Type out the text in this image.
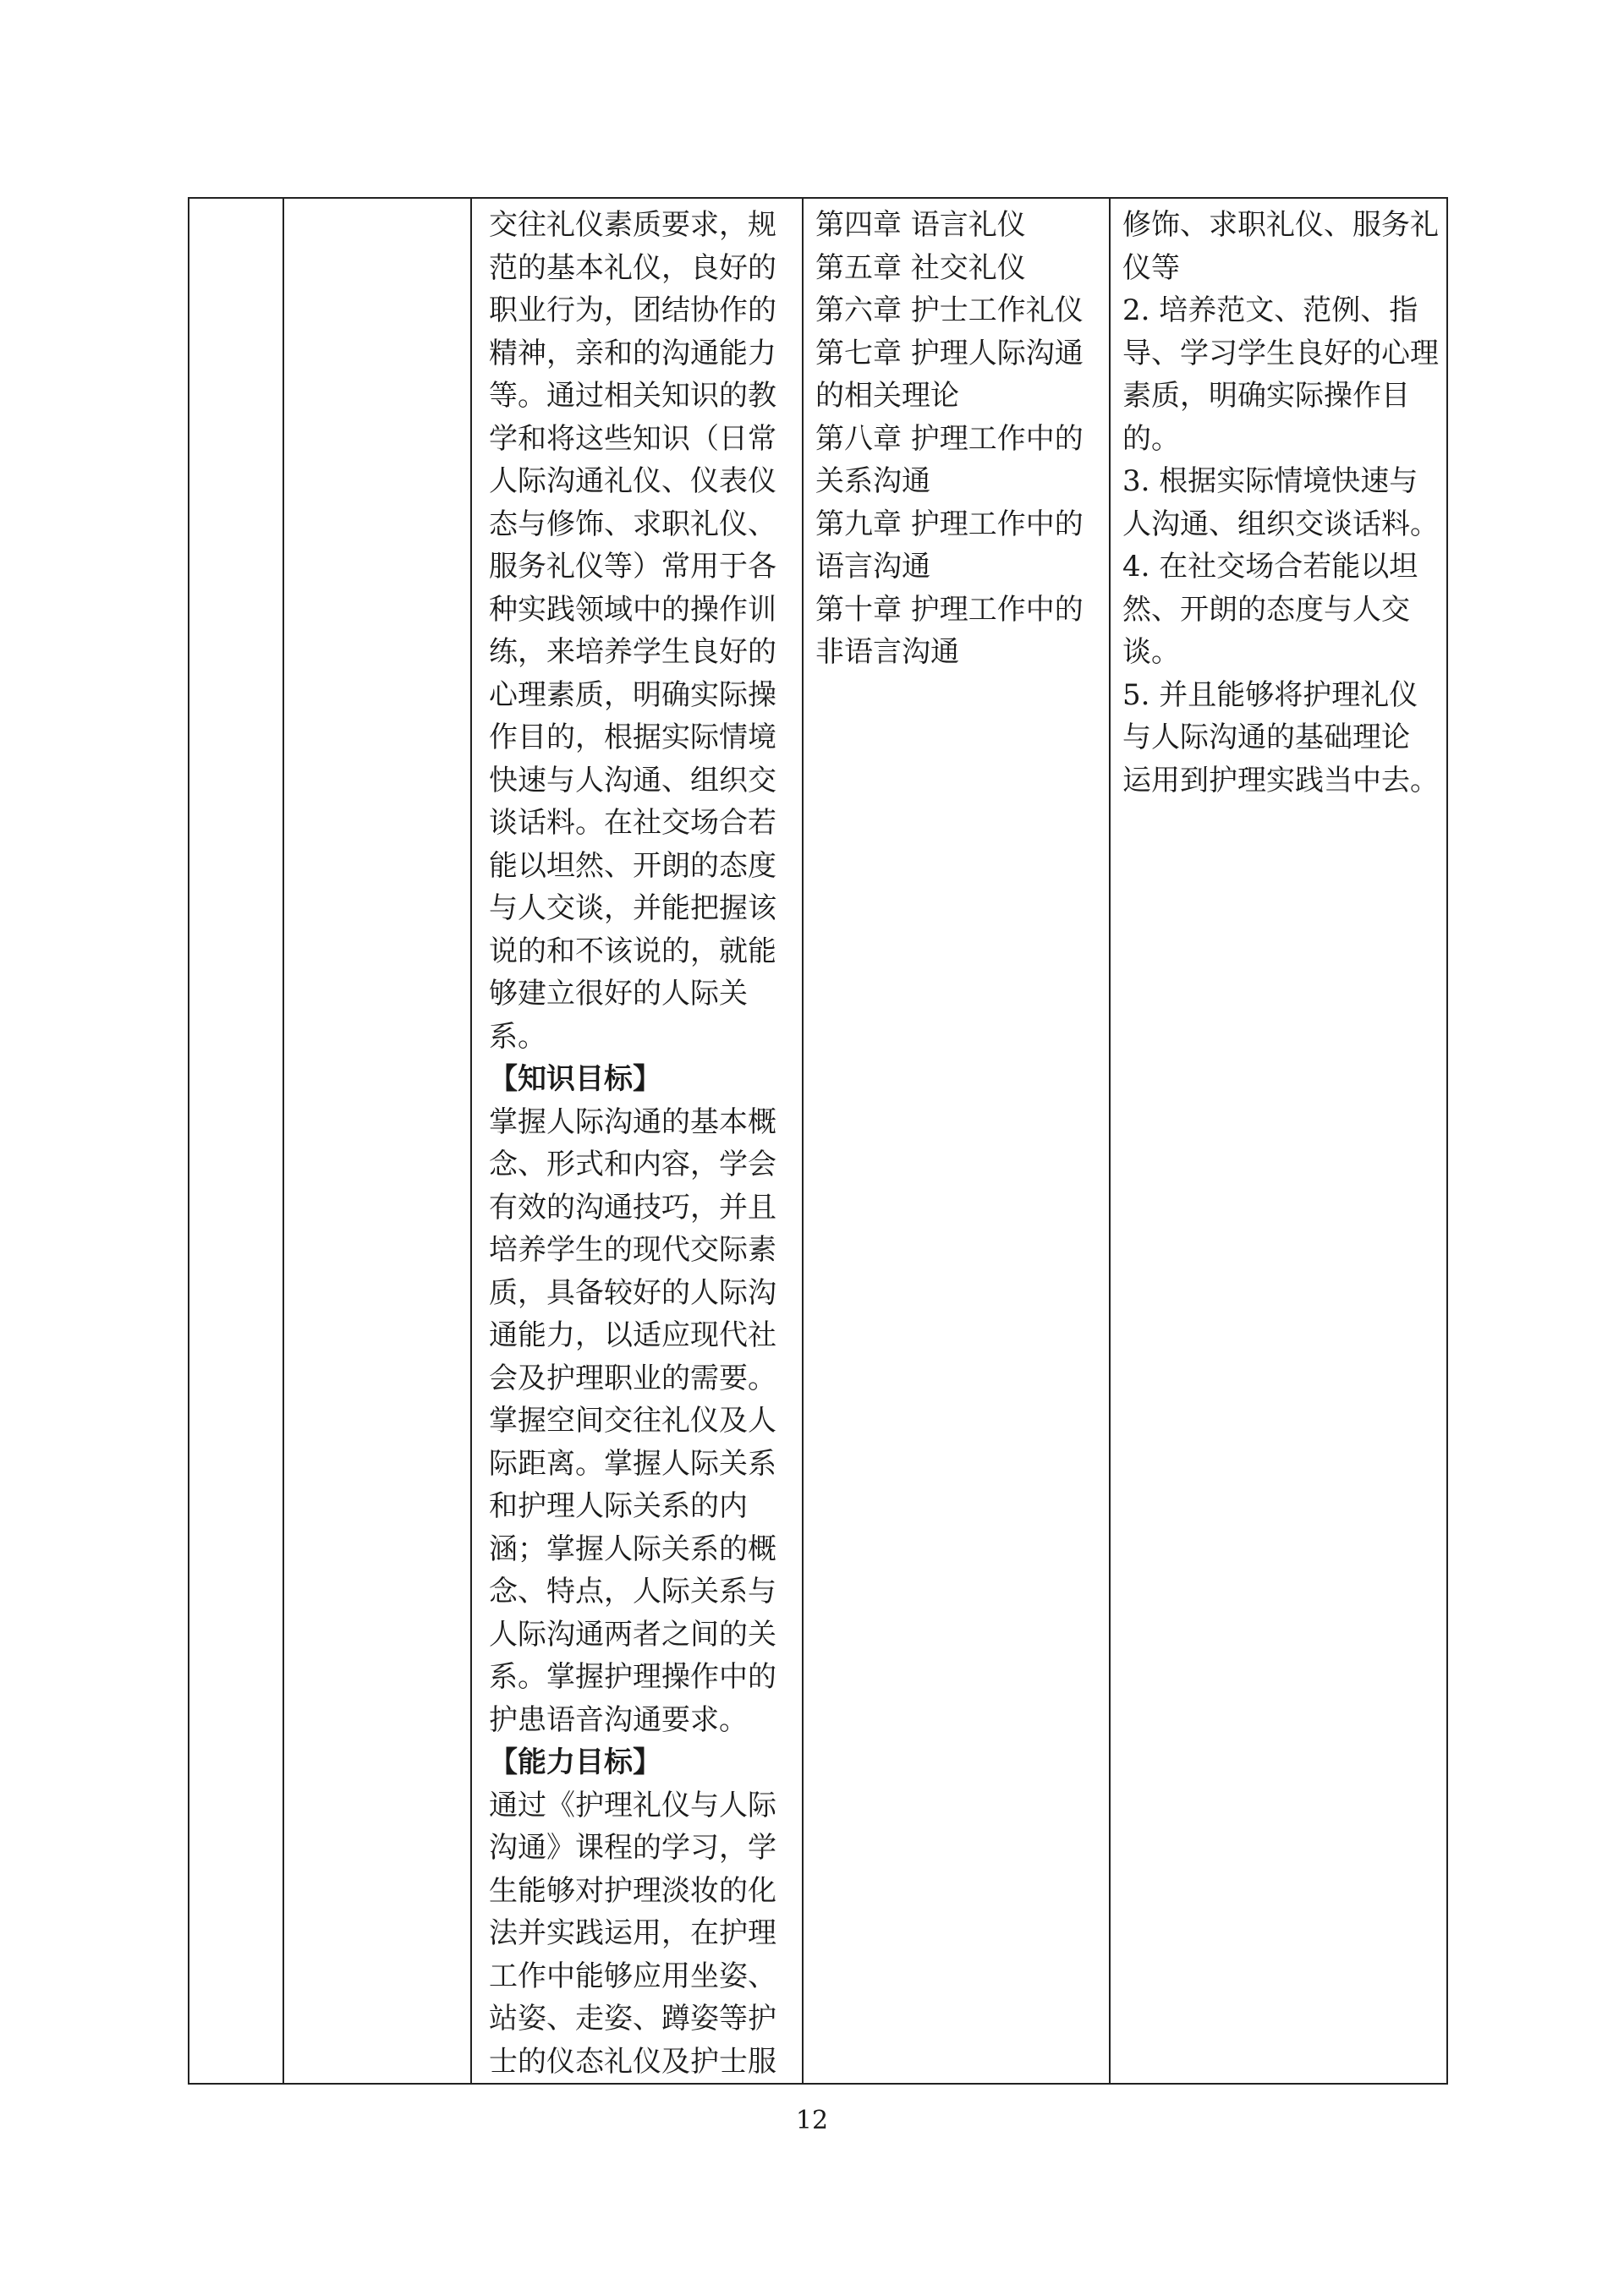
交往礼仪素质要求，规
范的基本礼仪，良好的
职业行为，团结协作的
精神，亲和的沟通能力
等。通过相关知识的教
学和将这些知识（日常
人际沟通礼仪、仪表仪
态与修饰、求职礼仪、
服务礼仪等）常用于各
种实践领域中的操作训
练，来培养学生良好的
心理素质，明确实际操
作目的，根据实际情境
快速与人沟通、组织交
谈话料。在社交场合若
能以坦然、开朗的态度
与人交谈，并能把握该
说的和不该说的，就能
够建立很好的人际关
系。
【知识目标】
掌握人际沟通的基本概
念、形式和内容，学会
有效的沟通技巧，并且
培养学生的现代交际素
质，具备较好的人际沟
通能力，以适应现代社
会及护理职业的需要。
掌握空间交往礼仪及人
际距离。掌握人际关系
和护理人际关系的内
涵；掌握人际关系的概
念、特点，人际关系与
人际沟通两者之间的关
系。掌握护理操作中的
护患语音沟通要求。
【能力目标】
通过《护理礼仪与人际
沟通》课程的学习，学
生能够对护理淡妆的化
法并实践运用，在护理
工作中能够应用坐姿、
站姿、走姿、蹲姿等护
士的仪态礼仪及护士服

第四章 语言礼仪
第五章 社交礼仪
第六章 护士工作礼仪
第七章 护理人际沟通
的相关理论
第八章 护理工作中的
关系沟通
第九章 护理工作中的
语言沟通
第十章 护理工作中的
非语言沟通

修饰、求职礼仪、服务礼
仪等
2. 培养范文、范例、指
导、学习学生良好的心理
素质，明确实际操作目
的。
3. 根据实际情境快速与
人沟通、组织交谈话料。
4. 在社交场合若能以坦
然、开朗的态度与人交
谈。
5. 并且能够将护理礼仪
与人际沟通的基础理论
运用到护理实践当中去。
12
